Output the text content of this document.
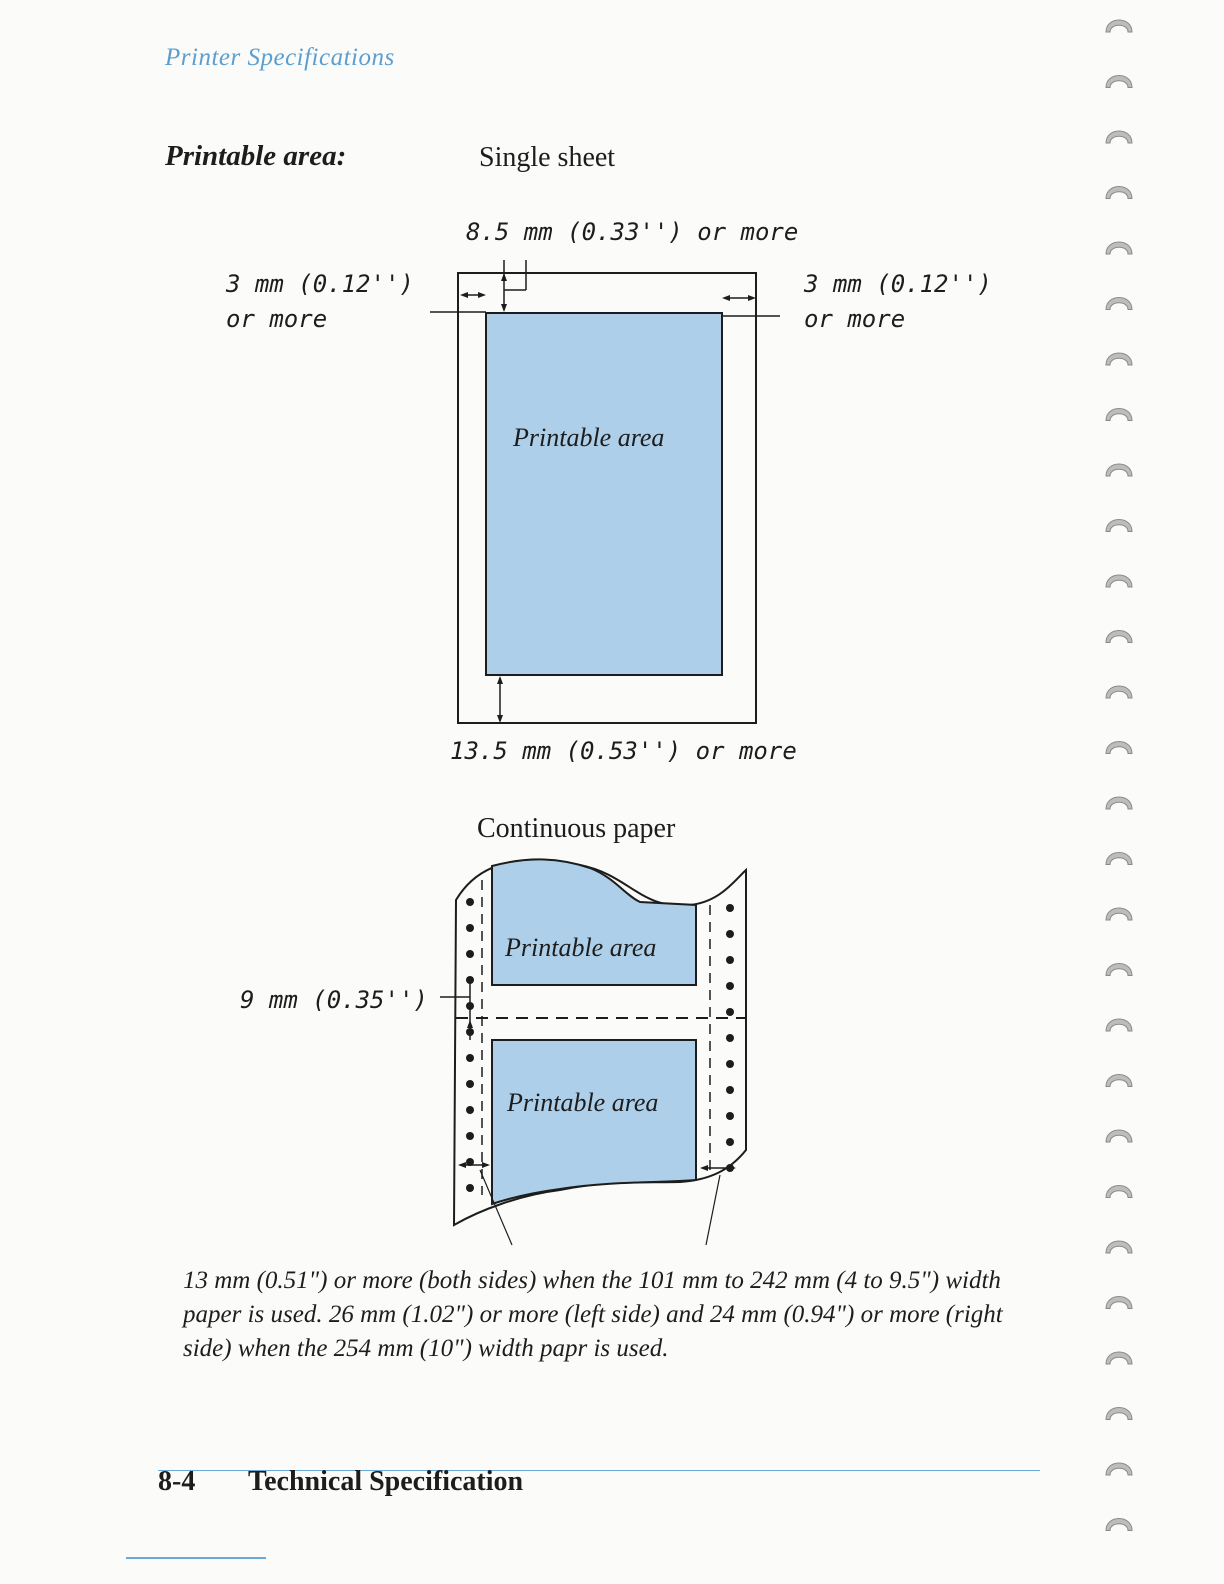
Printer Specifications
Printable area:	Single sheet
8.5 mm (0.33'') or more
3 mm (0.12'')
or more
3 mm (0.12'')
or more
13.5 mm (0.53'') or more
Printable area
Continuous paper
Printable area
Printable area
9 mm (0.35'')

13 mm (0.51") or more (both sides) when the 101 mm to 242 mm (4 to 9.5") width paper is used. 26 mm (1.02") or more (left side) and 24 mm (0.94") or more (right side) when the 254 mm (10") width papr is used.

8-4 Technical Specification
